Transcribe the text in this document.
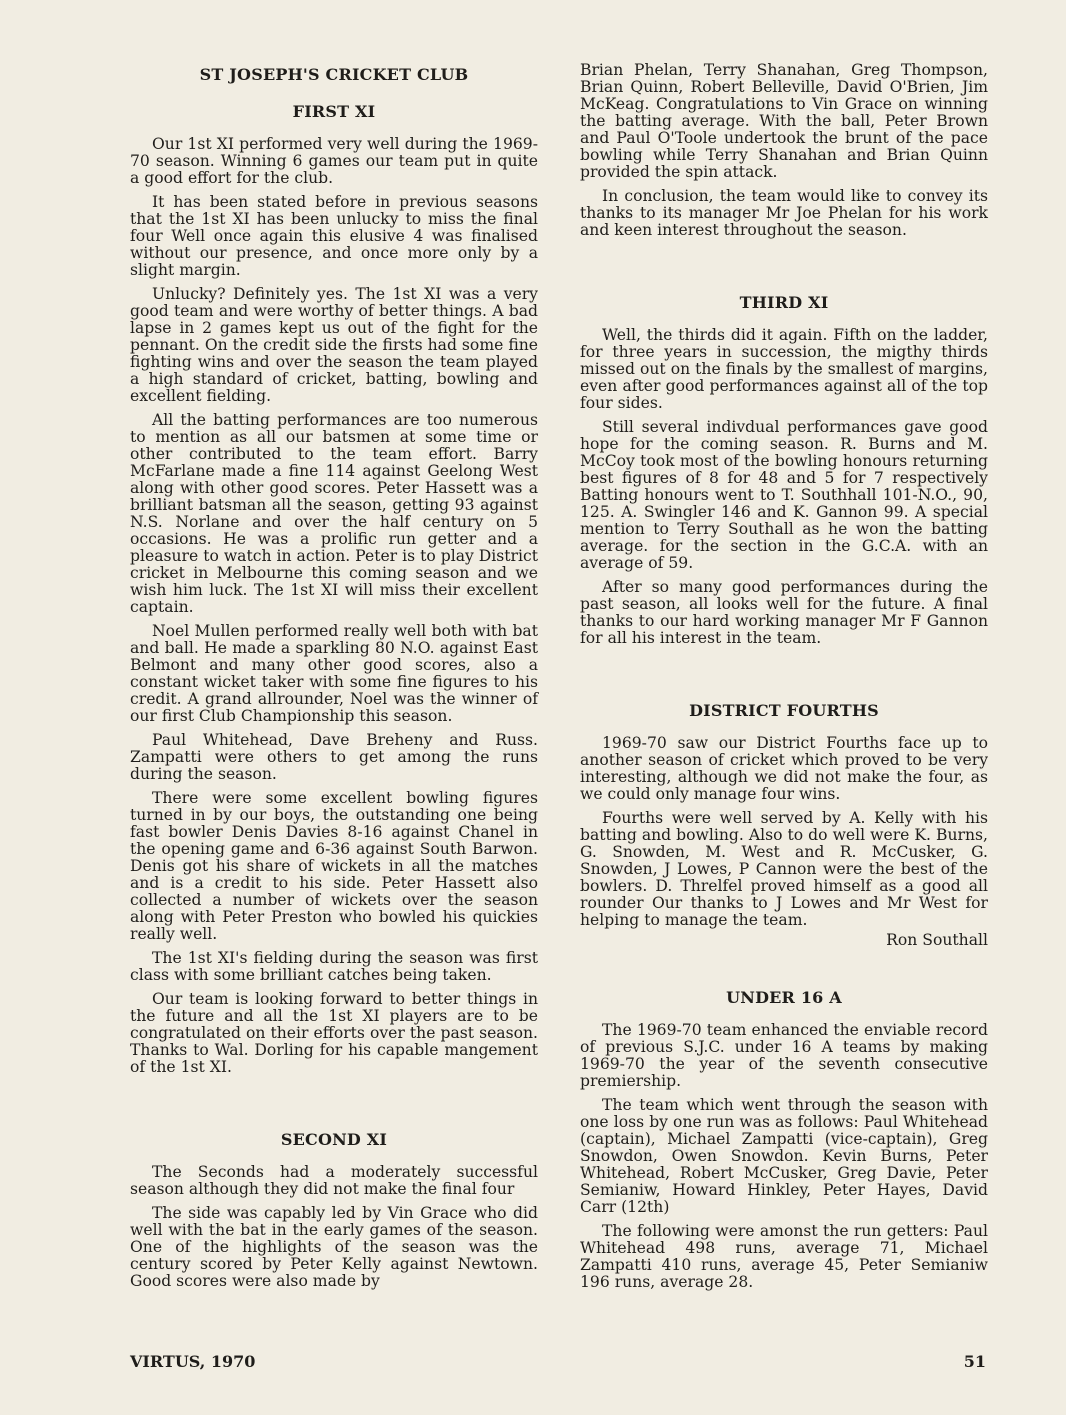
ST JOSEPH'S CRICKET CLUB
FIRST XI

Our 1st XI performed very well during the 1969-70 season. Winning 6 games our team put in quite a good effort for the club.

It has been stated before in previous seasons that the 1st XI has been unlucky to miss the final four Well once again this elusive 4 was finalised without our presence, and once more only by a slight margin.

Unlucky? Definitely yes. The 1st XI was a very good team and were worthy of better things. A bad lapse in 2 games kept us out of the fight for the pennant. On the credit side the firsts had some fine fighting wins and over the season the team played a high standard of cricket, batting, bowling and excellent fielding.

All the batting performances are too numerous to mention as all our batsmen at some time or other contributed to the team effort. Barry McFarlane made a fine 114 against Geelong West along with other good scores. Peter Hassett was a brilliant batsman all the season, getting 93 against N.S. Norlane and over the half century on 5 occasions. He was a prolific run getter and a pleasure to watch in action. Peter is to play District cricket in Melbourne this coming season and we wish him luck. The 1st XI will miss their excellent captain.

Noel Mullen performed really well both with bat and ball. He made a sparkling 80 N.O. against East Belmont and many other good scores, also a constant wicket taker with some fine figures to his credit. A grand allrounder, Noel was the winner of our first Club Championship this season.

Paul Whitehead, Dave Breheny and Russ. Zampatti were others to get among the runs during the season.

There were some excellent bowling figures turned in by our boys, the outstanding one being fast bowler Denis Davies 8-16 against Chanel in the opening game and 6-36 against South Barwon. Denis got his share of wickets in all the matches and is a credit to his side. Peter Hassett also collected a number of wickets over the season along with Peter Preston who bowled his quickies really well.

The 1st XI's fielding during the season was first class with some brilliant catches being taken.

Our team is looking forward to better things in the future and all the 1st XI players are to be congratulated on their efforts over the past season. Thanks to Wal. Dorling for his capable mangement of the 1st XI.

SECOND XI

The Seconds had a moderately successful season although they did not make the final four

The side was capably led by Vin Grace who did well with the bat in the early games of the season. One of the highlights of the season was the century scored by Peter Kelly against Newtown. Good scores were also made by

Brian Phelan, Terry Shanahan, Greg Thompson, Brian Quinn, Robert Belleville, David O'Brien, Jim McKeag. Congratulations to Vin Grace on winning the batting average. With the ball, Peter Brown and Paul O'Toole undertook the brunt of the pace bowling while Terry Shanahan and Brian Quinn provided the spin attack.

In conclusion, the team would like to convey its thanks to its manager Mr Joe Phelan for his work and keen interest throughout the season.

THIRD XI

Well, the thirds did it again. Fifth on the ladder, for three years in succession, the migthy thirds missed out on the finals by the smallest of margins, even after good performances against all of the top four sides.

Still several indivdual performances gave good hope for the coming season. R. Burns and M. McCoy took most of the bowling honours returning best figures of 8 for 48 and 5 for 7 respectively Batting honours went to T. Southhall 101-N.O., 90, 125. A. Swingler 146 and K. Gannon 99. A special mention to Terry Southall as he won the batting average. for the section in the G.C.A. with an average of 59.

After so many good performances during the past season, all looks well for the future. A final thanks to our hard working manager Mr F Gannon for all his interest in the team.

DISTRICT FOURTHS

1969-70 saw our District Fourths face up to another season of cricket which proved to be very interesting, although we did not make the four, as we could only manage four wins.

Fourths were well served by A. Kelly with his batting and bowling. Also to do well were K. Burns, G. Snowden, M. West and R. McCusker, G. Snowden, J Lowes, P Cannon were the best of the bowlers. D. Threlfel proved himself as a good all rounder Our thanks to J Lowes and Mr West for helping to manage the team.

Ron Southall

UNDER 16 A

The 1969-70 team enhanced the enviable record of previous S.J.C. under 16 A teams by making 1969-70 the year of the seventh consecutive premiership.

The team which went through the season with one loss by one run was as follows: Paul Whitehead (captain), Michael Zampatti (vice-captain), Greg Snowdon, Owen Snowdon. Kevin Burns, Peter Whitehead, Robert McCusker, Greg Davie, Peter Semianiw, Howard Hinkley, Peter Hayes, David Carr (12th)

The following were amonst the run getters: Paul Whitehead 498 runs, average 71, Michael Zampatti 410 runs, average 45, Peter Semianiw 196 runs, average 28.

VIRTUS, 1970	51
